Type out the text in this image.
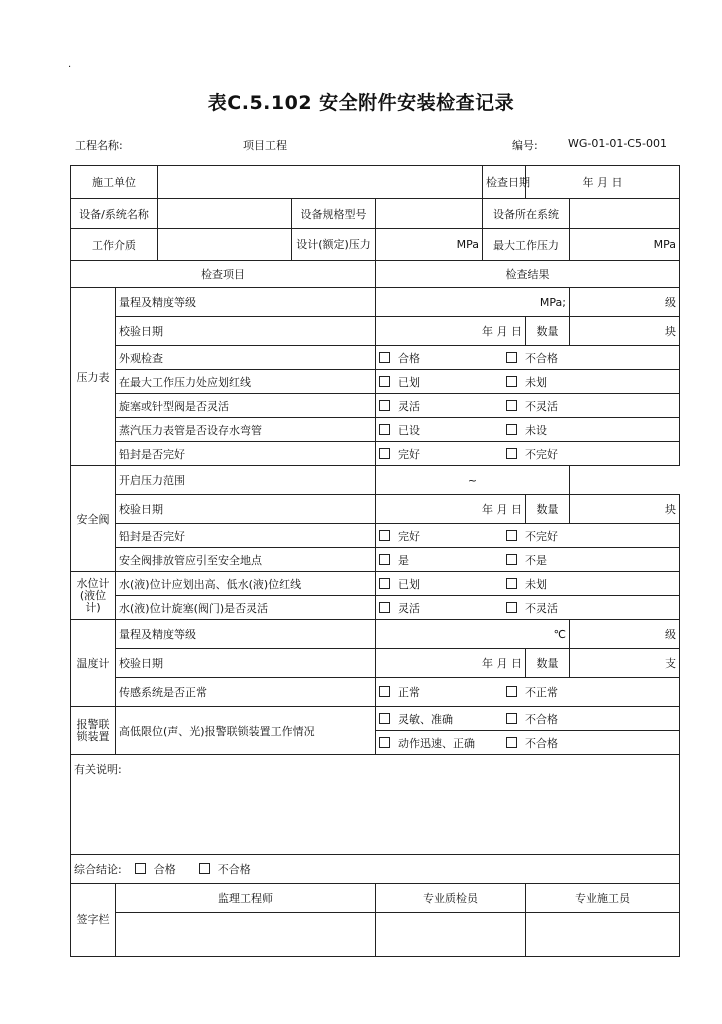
·
表C.5.102 安全附件安装检查记录
工程名称:	项目工程	编号:	WG-01-01-C5-001
施工单位					检查日期	年 月 日	
设备/系统名称			设备规格型号		设备所在系统		
工作介质			设计(额定)压力	MPa	最大工作压力		MPa
检查项目				检查结果			
压力表	量程及精度等级			MPa;			级
	校验日期			年 月 日		数量	块
	外观检查			合格 不合格			

	在最大工作压力处应划红线			已划 未划			

	旋塞或针型阀是否灵活			灵活 不灵活			

	蒸汽压力表管是否设存水弯管			已设 未设			

	铅封是否完好			完好 不完好			

安全阀	开启压力范围			~		
	校验日期			年 月 日		数量	块
	铅封是否完好			完好 不完好			

	安全阀排放管应引至安全地点			是 不是			

水位计(液位计)	水(液)位计应划出高、低水(液)位红线			已划 未划			

	水(液)位计旋塞(阀门)是否灵活			灵活 不灵活			

温度计	量程及精度等级			℃			级
	校验日期			年 月 日		数量	支
	传感系统是否正常			正常 不正常			

报警联锁装置	高低限位(声、光)报警联锁装置工作情况			灵敏、准确 不合格			

				动作迅速、正确 不合格			

有关说明:							
综合结论: 合格 不合格							
签字栏	监理工程师			专业质检员		专业施工员	
